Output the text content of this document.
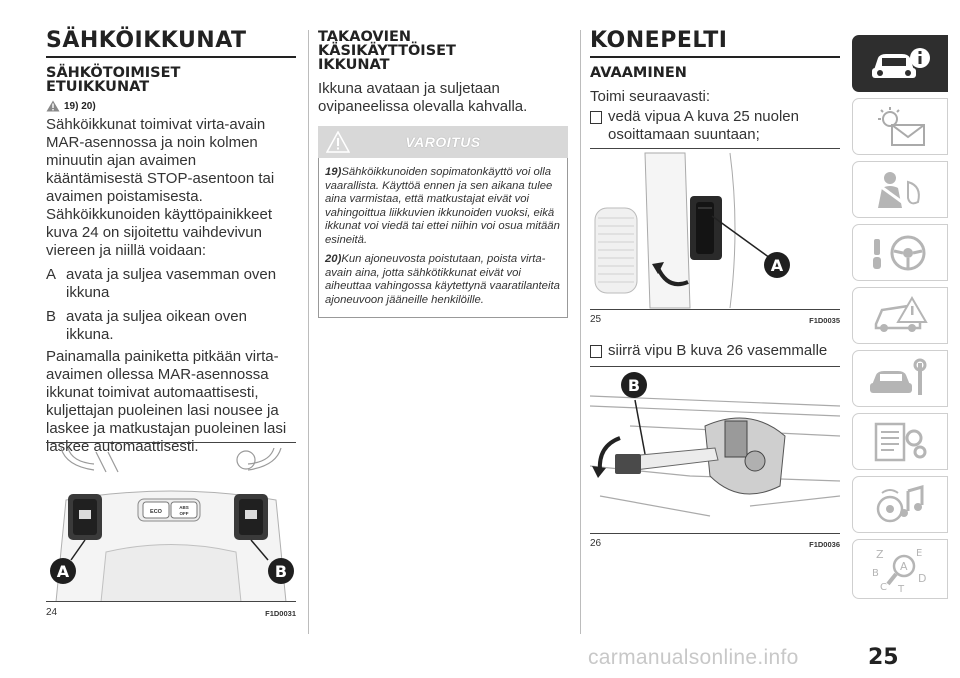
SÄHKÖIKKUNAT
SÄHKÖTOIMISET
ETUIKKUNAT
19) 20)

Sähköikkunat toimivat virta-avain MAR-asennossa ja noin kolmen minuutin ajan avaimen kääntämisestä STOP-asentoon tai avaimen poistamisesta.

Sähköikkunoiden käyttöpainikkeet kuva 24 on sijoitettu vaihdevivun viereen ja niillä voidaan:

A avata ja suljea vasemman oven ikkuna
B avata ja suljea oikean oven ikkuna.

Painamalla painiketta pitkään virta-avaimen ollessa MAR-asennossa ikkunat toimivat automaattisesti, kuljettajan puoleinen lasi nousee ja laskee ja matkustajan puoleinen lasi laskee automaattisesti.

ECO
ABS
OFF
A	B
24	F1D0031
TAKAOVIEN
KÄSIKÄYTTÖISET
IKKUNAT

Ikkuna avataan ja suljetaan ovipaneelissa olevalla kahvalla.

VAROITUS

19)Sähköikkunoiden sopimatonkäyttö voi olla vaarallista. Käyttöä ennen ja sen aikana tulee aina varmistaa, että matkustajat eivät voi vahingoittua liikkuvien ikkunoiden vuoksi, eikä ikkunat voi viedä tai ettei niihin voi osua mitään esineitä.

20)Kun ajoneuvosta poistutaan, poista virta-avain aina, jotta sähkötikkunat eivät voi aiheuttaa vahingossa käytettynä vaaratilanteita ajoneuvoon jääneille henkilöille.

KONEPELTI
AVAAMINEN

Toimi seuraavasti:

vedä vipua A kuva 25 nuolen osoittamaan suuntaan;
A
25	F1D0035
siirrä vipu B kuva 26 vasemmalle
B
26	F1D0036
Z	E
A
B
C
D
T
25
carmanualsonline.info
